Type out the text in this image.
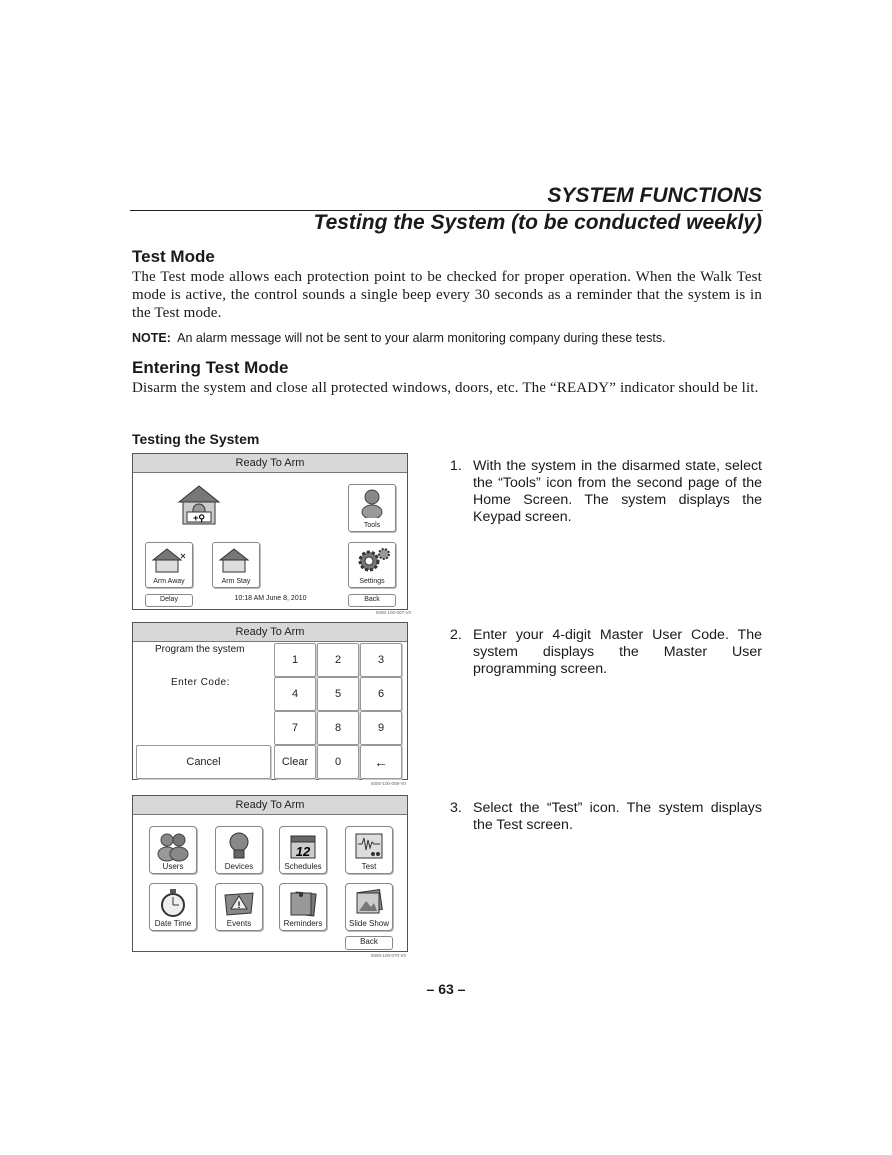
SYSTEM FUNCTIONS
Testing the System (to be conducted weekly)
Test Mode
The Test mode allows each protection point to be checked for proper operation. When the Walk Test mode is active, the control sounds a single beep every 30 seconds as a reminder that the system is in the Test mode.
NOTE: An alarm message will not be sent to your alarm monitoring company during these tests.
Entering Test Mode
Disarm the system and close all protected windows, doors, etc. The “READY” indicator should be lit.
Testing the System
Ready To Arm
+⚲
Tools
Arm Away	Arm Stay	Settings
Delay	10:18 AM June 8, 2010	Back
5000-100-007-V0
Ready To Arm
Program the system
Enter Code:
1	2	3
4	5	6
7	8	9
Cancel	Clear	0	←
5000-100-008-V0
Ready To Arm
Users	Devices
12
Schedules	Test
Date Time
!
Events	Reminders	Slide Show
Back
5000-100-070-V0
1. With the system in the disarmed state, select the “Tools” icon from the second page of the Home Screen. The system displays the Keypad screen.
2. Enter your 4-digit Master User Code. The system displays the Master User programming screen.
3. Select the “Test” icon. The system displays the Test screen.
– 63 –
